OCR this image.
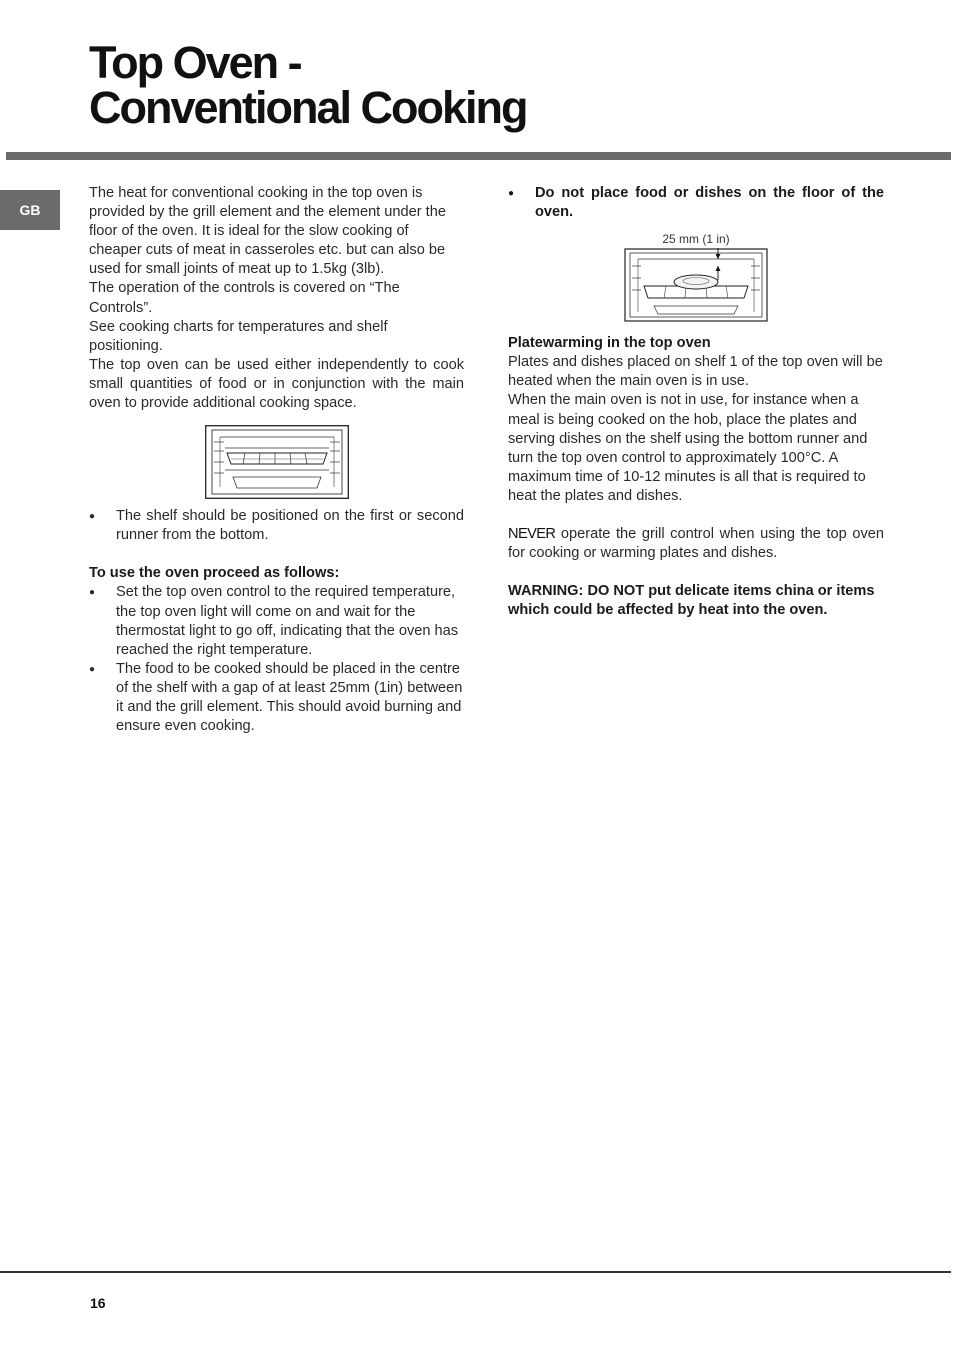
Top Oven -
Conventional Cooking
GB

The heat for conventional cooking in the top oven is provided by the grill element and the element under the floor of the oven. It is ideal for the slow cooking of cheaper cuts of meat in casseroles etc. but can also be used for small joints of meat up to 1.5kg (3lb).

The operation of the controls is covered on “The Controls”.

See cooking charts for temperatures and shelf positioning.

The top oven can be used either independently to cook small quantities of food or in conjunction with the main oven to provide additional cooking space.

● The shelf should be positioned on the first or second runner from the bottom.

To use the oven proceed as follows:

● Set the top oven control to the required temperature, the top oven light will come on and wait for the thermostat light to go off, indicating that the oven has reached the right temperature.
● The food to be cooked should be placed in the centre of the shelf with a gap of at least 25mm (1in) between it and the grill element. This should avoid burning and ensure even cooking.
● Do not place food or dishes on the floor of the oven.
25 mm (1 in)

Platewarming in the top oven

Plates and dishes placed on shelf 1 of the top oven will be heated when the main oven is in use.

When the main oven is not in use, for instance when a meal is being cooked on the hob, place the plates and serving dishes on the shelf using the bottom runner and turn the top oven control to approximately 100°C. A maximum time of 10-12 minutes is all that is required to heat the plates and dishes.

NEVER operate the grill control when using the top oven for cooking or warming plates and dishes.

WARNING: DO NOT put delicate items china or items which could be affected by heat into the oven.

16
